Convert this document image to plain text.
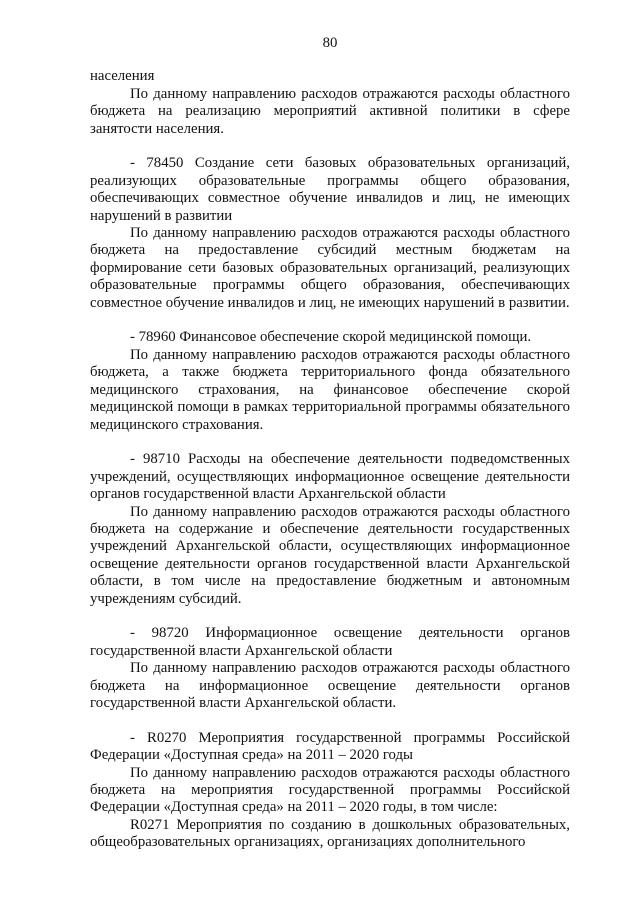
80

населения

По данному направлению расходов отражаются расходы областного бюджета на реализацию мероприятий активной политики в сфере занятости населения.

- 78450 Создание сети базовых образовательных организаций, реализующих образовательные программы общего образования, обеспечивающих совместное обучение инвалидов и лиц, не имеющих нарушений в развитии

По данному направлению расходов отражаются расходы областного бюджета на предоставление субсидий местным бюджетам на формирование сети базовых образовательных организаций, реализующих образовательные программы общего образования, обеспечивающих совместное обучение инвалидов и лиц, не имеющих нарушений в развитии.

- 78960 Финансовое обеспечение скорой медицинской помощи.

По данному направлению расходов отражаются расходы областного бюджета, а также бюджета территориального фонда обязательного медицинского страхования, на финансовое обеспечение скорой медицинской помощи в рамках территориальной программы обязательного медицинского страхования.

- 98710 Расходы на обеспечение деятельности подведомственных учреждений, осуществляющих информационное освещение деятельности органов государственной власти Архангельской области

По данному направлению расходов отражаются расходы областного бюджета на содержание и обеспечение деятельности государственных учреждений Архангельской области, осуществляющих информационное освещение деятельности органов государственной власти Архангельской области, в том числе на предоставление бюджетным и автономным учреждениям субсидий.

- 98720 Информационное освещение деятельности органов государственной власти Архангельской области

По данному направлению расходов отражаются расходы областного бюджета на информационное освещение деятельности органов государственной власти Архангельской области.

- R0270 Мероприятия государственной программы Российской Федерации «Доступная среда» на 2011 – 2020 годы

По данному направлению расходов отражаются расходы областного бюджета на мероприятия государственной программы Российской Федерации «Доступная среда» на 2011 – 2020 годы, в том числе:

R0271 Мероприятия по созданию в дошкольных образовательных, общеобразовательных организациях, организациях дополнительного
